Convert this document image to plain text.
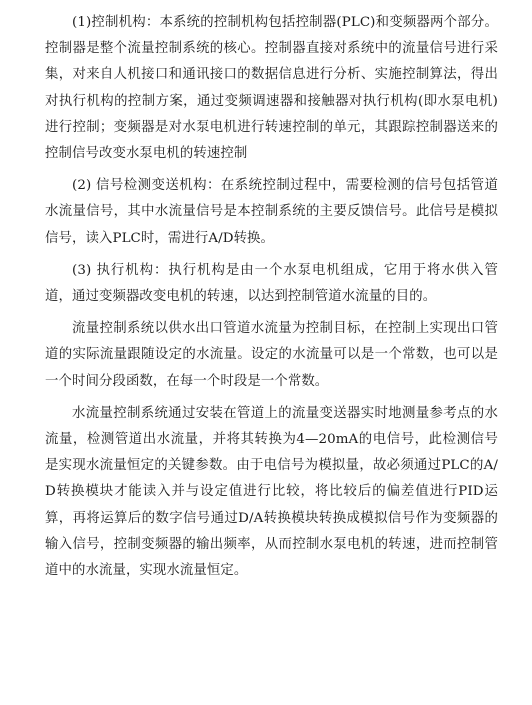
(1)控制机构：本系统的控制机构包括控制器(PLC)和变频器两个部分。控制器是整个流量控制系统的核心。控制器直接对系统中的流量信号进行采集，对来自人机接口和通讯接口的数据信息进行分析、实施控制算法，得出对执行机构的控制方案，通过变频调速器和接触器对执行机构(即水泵电机)进行控制；变频器是对水泵电机进行转速控制的单元，其跟踪控制器送来的控制信号改变水泵电机的转速控制

(2) 信号检测变送机构：在系统控制过程中，需要检测的信号包括管道水流量信号，其中水流量信号是本控制系统的主要反馈信号。此信号是模拟信号，读入PLC时，需进行A/D转换。

(3) 执行机构：执行机构是由一个水泵电机组成，它用于将水供入管道，通过变频器改变电机的转速，以达到控制管道水流量的目的。

流量控制系统以供水出口管道水流量为控制目标，在控制上实现出口管道的实际流量跟随设定的水流量。设定的水流量可以是一个常数，也可以是一个时间分段函数，在每一个时段是一个常数。

水流量控制系统通过安装在管道上的流量变送器实时地测量参考点的水流量，检测管道出水流量，并将其转换为4—20mA的电信号，此检测信号是实现水流量恒定的关键参数。由于电信号为模拟量，故必须通过PLC的A/D转换模块才能读入并与设定值进行比较，将比较后的偏差值进行PID运算，再将运算后的数字信号通过D/A转换模块转换成模拟信号作为变频器的输入信号，控制变频器的输出频率，从而控制水泵电机的转速，进而控制管道中的水流量，实现水流量恒定。
